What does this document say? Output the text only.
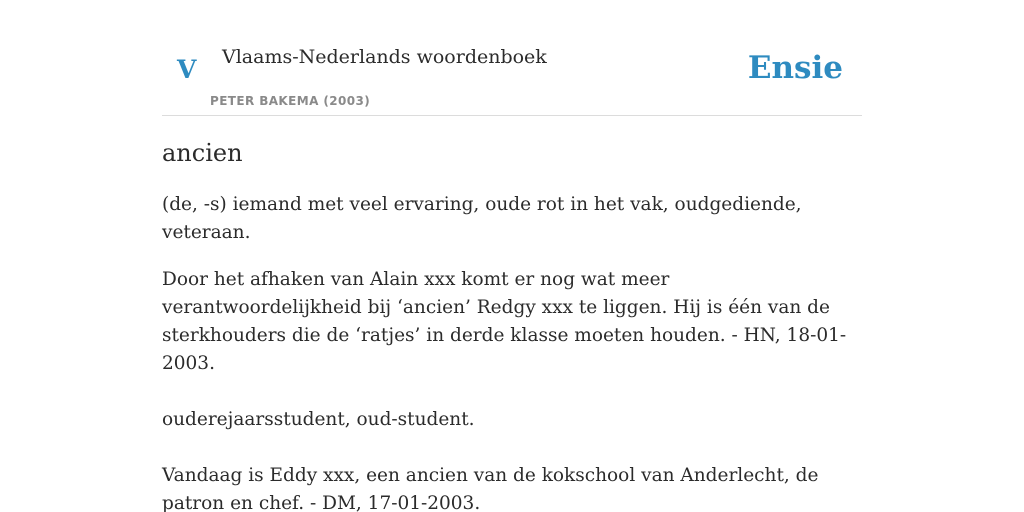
V Vlaams-Nederlands woordenboek
PETER BAKEMA (2003)
Ensie
ancien

(de, -s) iemand met veel ervaring, oude rot in het vak, oudgediende, veteraan.

Door het afhaken van Alain xxx komt er nog wat meer verantwoordelijkheid bij ‘ancien’ Redgy xxx te liggen. Hij is één van de sterkhouders die de ‘ratjes’ in derde klasse moeten houden. - HN, 18-01-2003.

ouderejaarsstudent, oud-student.

Vandaag is Eddy xxx, een ancien van de kokschool van Anderlecht, de patron en chef. - DM, 17-01-2003.
